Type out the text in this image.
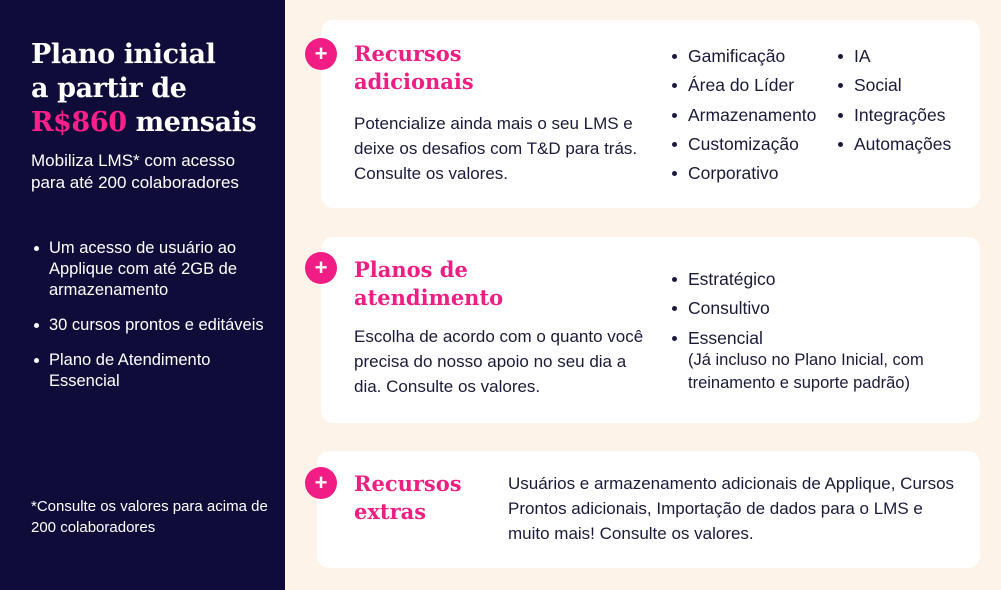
Plano inicial
a partir de
R$860 mensais

Mobiliza LMS* com acesso para até 200 colaboradores

Um acesso de usuário ao Applique com até 2GB de armazenamento
30 cursos prontos e editáveis
Plano de Atendimento Essencial

*Consulte os valores para acima de 200 colaboradores

+	Recursos
adicionais

Potencialize ainda mais o seu LMS e deixe os desafios com T&D para trás. Consulte os valores.

Gamificação
Área do Líder
Armazenamento
Customização
Corporativo
IA
Social
Integrações
Automações
+	Planos de
atendimento

Escolha de acordo com o quanto você precisa do nosso apoio no seu dia a dia. Consulte os valores.

Estratégico
Consultivo
Essencial
(Já incluso no Plano Inicial, com treinamento e suporte padrão)
+	Recursos
extras

Usuários e armazenamento adicionais de Applique, Cursos Prontos adicionais, Importação de dados para o LMS e muito mais! Consulte os valores.
